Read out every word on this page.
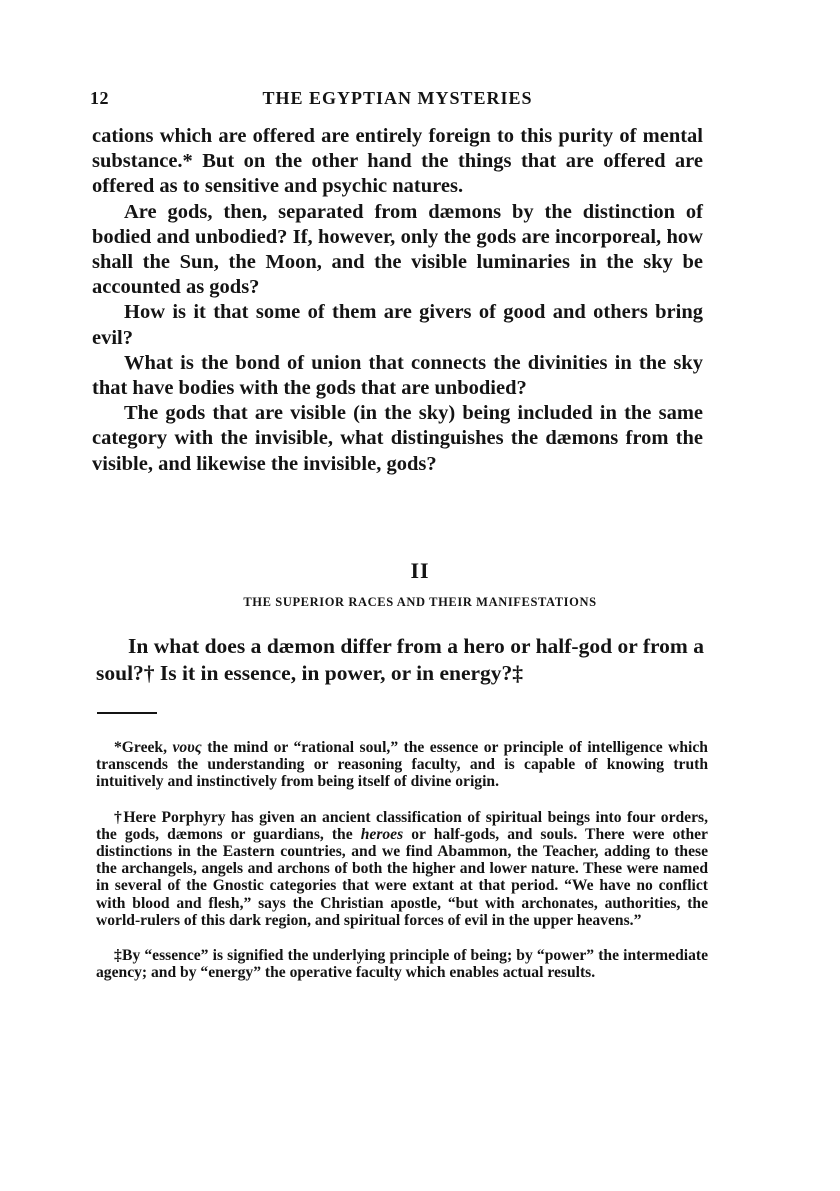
12	THE EGYPTIAN MYSTERIES

cations which are offered are entirely foreign to this purity of mental substance.* But on the other hand the things that are offered are offered as to sensitive and psychic natures.

Are gods, then, separated from dæmons by the distinction of bodied and unbodied? If, however, only the gods are incorporeal, how shall the Sun, the Moon, and the visible luminaries in the sky be accounted as gods?

How is it that some of them are givers of good and others bring evil?

What is the bond of union that connects the divinities in the sky that have bodies with the gods that are unbodied?

The gods that are visible (in the sky) being included in the same category with the invisible, what distinguishes the dæmons from the visible, and likewise the invisible, gods?

II
THE SUPERIOR RACES AND THEIR MANIFESTATIONS

In what does a dæmon differ from a hero or half-god or from a soul?† Is it in essence, in power, or in energy?‡

*Greek, νους the mind or “rational soul,” the essence or principle of intelligence which transcends the understanding or reasoning faculty, and is capable of knowing truth intuitively and instinctively from being itself of divine origin.

†Here Porphyry has given an ancient classification of spiritual beings into four orders, the gods, dæmons or guardians, the heroes or half-gods, and souls. There were other distinctions in the Eastern countries, and we find Abammon, the Teacher, adding to these the archangels, angels and archons of both the higher and lower nature. These were named in several of the Gnostic categories that were extant at that period. “We have no conflict with blood and flesh,” says the Christian apostle, “but with archonates, authorities, the world-rulers of this dark region, and spiritual forces of evil in the upper heavens.”

‡By “essence” is signified the underlying principle of being; by “power” the intermediate agency; and by “energy” the operative faculty which enables actual results.
